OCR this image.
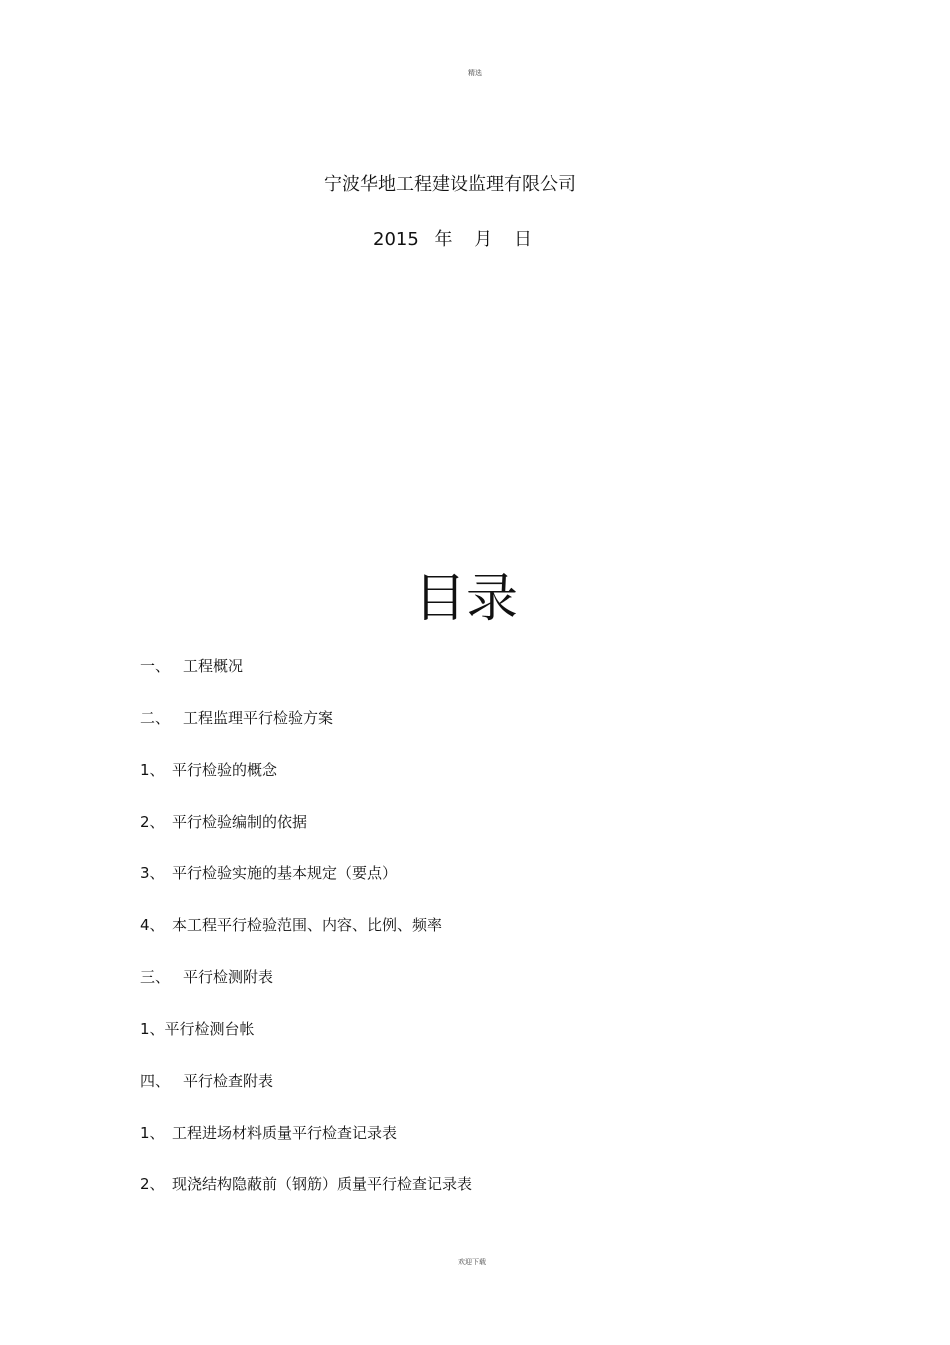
精选
宁波华地工程建设监理有限公司
2015 年 月 日
目录
一、 工程概况
二、 工程监理平行检验方案
1、 平行检验的概念
2、 平行检验编制的依据
3、 平行检验实施的基本规定（要点）
4、 本工程平行检验范围、内容、比例、频率
三、 平行检测附表
1、平行检测台帐
四、 平行检查附表
1、 工程进场材料质量平行检查记录表
2、 现浇结构隐蔽前（钢筋）质量平行检查记录表
欢迎下载
